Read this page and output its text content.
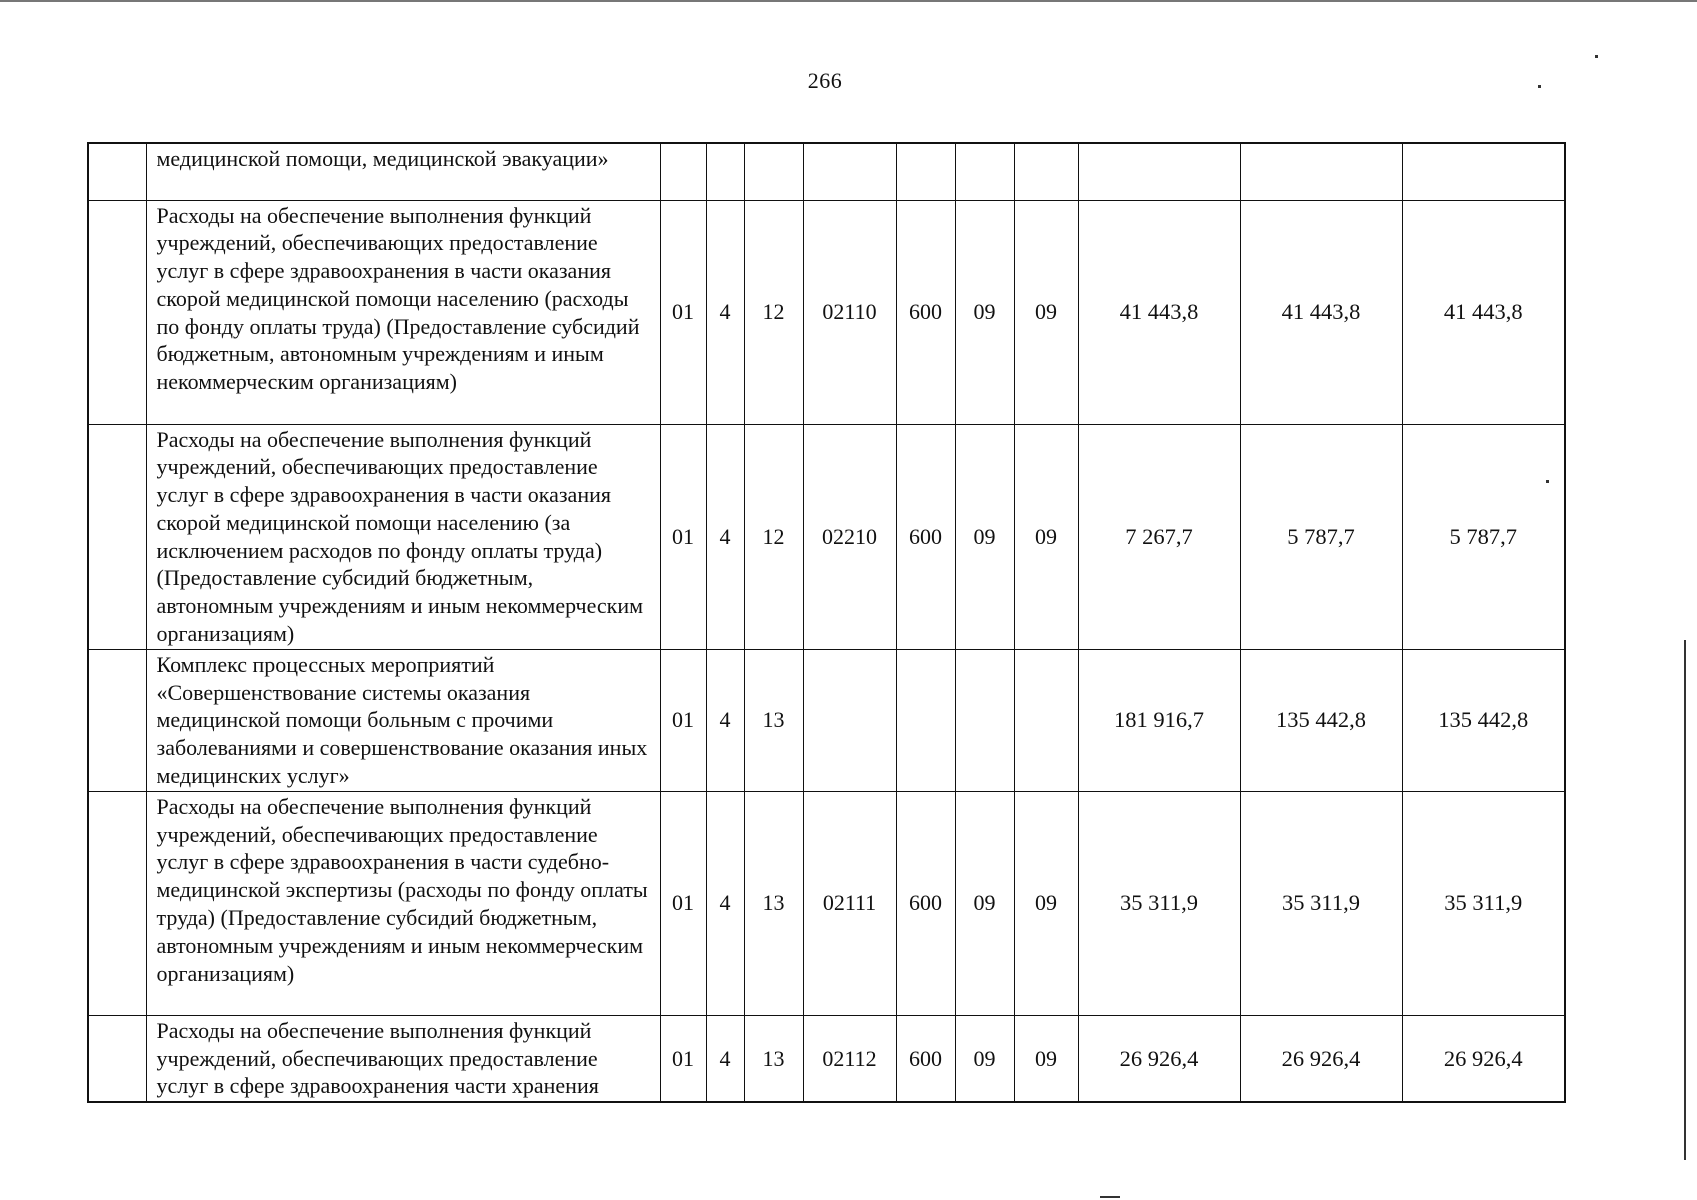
266
	медицинской помощи, медицинской эвакуации»										
	Расходы на обеспечение выполнения функций учреждений, обеспечивающих предоставление услуг в сфере здравоохранения в части оказания скорой медицинской помощи населению (расходы по фонду оплаты труда) (Предоставление субсидий бюджетным, автономным учреждениям и иным некоммерческим организациям)	01	4	12	02110	600	09	09	41 443,8	41 443,8	41 443,8
	Расходы на обеспечение выполнения функций учреждений, обеспечивающих предоставление услуг в сфере здравоохранения в части оказания скорой медицинской помощи населению (за исключением расходов по фонду оплаты труда) (Предоставление субсидий бюджетным, автономным учреждениям и иным некоммерческим организациям)	01	4	12	02210	600	09	09	7 267,7	5 787,7	5 787,7
	Комплекс процессных мероприятий «Совершенствование системы оказания медицинской помощи больным с прочими заболеваниями и совершенствование оказания иных медицинских услуг»	01	4	13					181 916,7	135 442,8	135 442,8
	Расходы на обеспечение выполнения функций учреждений, обеспечивающих предоставление услуг в сфере здравоохранения в части судебно-медицинской экспертизы (расходы по фонду оплаты труда) (Предоставление субсидий бюджетным, автономным учреждениям и иным некоммерческим организациям)	01	4	13	02111	600	09	09	35 311,9	35 311,9	35 311,9
	Расходы на обеспечение выполнения функций учреждений, обеспечивающих предоставление услуг в сфере здравоохранения части хранения	01	4	13	02112	600	09	09	26 926,4	26 926,4	26 926,4
